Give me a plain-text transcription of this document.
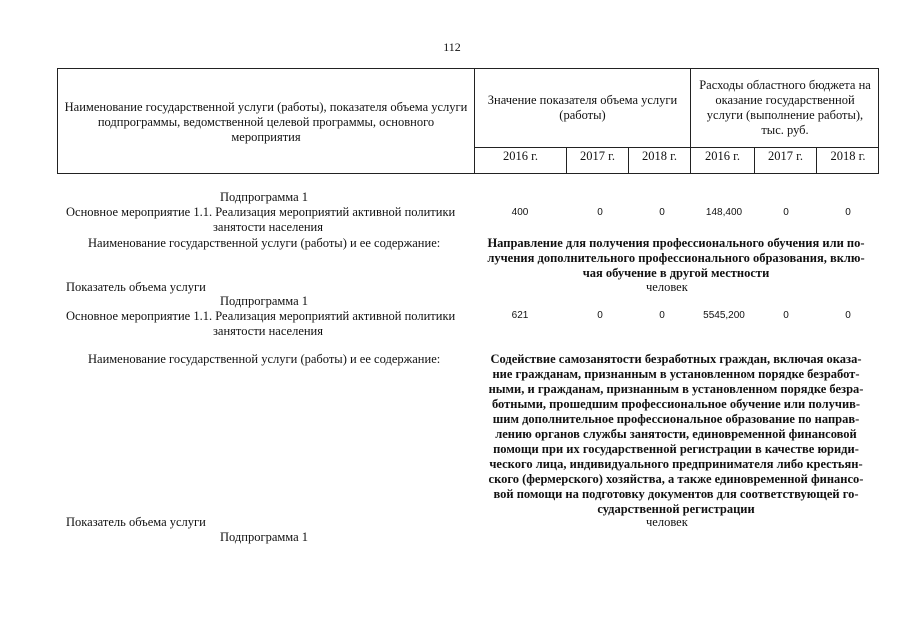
112
Наименование государственной услуги (работы), показателя объема услуги подпрограммы, ведомственной целевой программы, основного мероприятия
Значение показателя объема услуги (работы)
Расходы областного бюджета на оказание государственной услуги (выполнение работы), тыс. руб.
2016 г.	2017 г.	2018 г.	2016 г.	2017 г.	2018 г.
Подпрограмма 1
Основное мероприятие 1.1. Реализация мероприятий активной политики
занятости населения
400	0	0	148,400	0	0
Наименование государственной услуги (работы) и ее содержание:	Направление для получения профессионального обучения или по-
лучения дополнительного профессионального образования, вклю-
чая обучение в другой местности
Показатель объема услуги	человек
Подпрограмма 1
Основное мероприятие 1.1. Реализация мероприятий активной политики
занятости населения
621	0	0	5545,200	0	0
Наименование государственной услуги (работы) и ее содержание:	Содействие самозанятости безработных граждан, включая оказа-
ние гражданам, признанным в установленном порядке безработ-
ными, и гражданам, признанным в установленном порядке безра-
ботными, прошедшим профессиональное обучение или получив-
шим дополнительное профессиональное образование по направ-
лению органов службы занятости, единовременной финансовой
помощи при их государственной регистрации в качестве юриди-
ческого лица, индивидуального предпринимателя либо крестьян-
ского (фермерского) хозяйства, а также единовременной финансо-
вой помощи на подготовку документов для соответствующей го-
сударственной регистрации
Показатель объема услуги	человек
Подпрограмма 1
